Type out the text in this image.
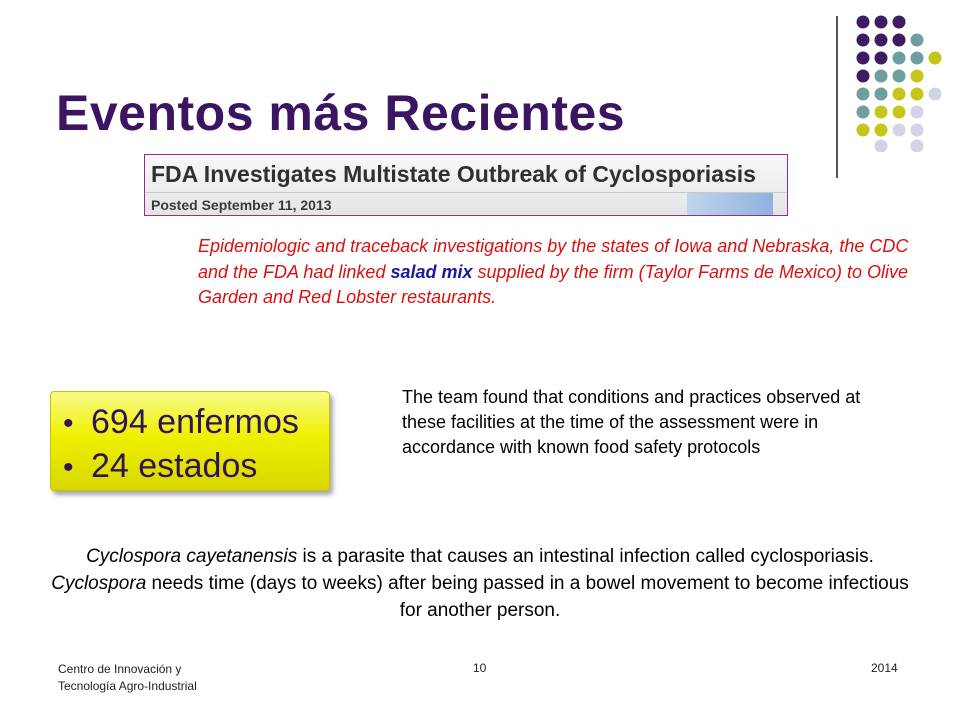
Eventos más Recientes
FDA Investigates Multistate Outbreak of Cyclosporiasis
Posted September 11, 2013
Epidemiologic and traceback investigations by the states of Iowa and Nebraska, the CDC and the FDA had linked salad mix supplied by the firm (Taylor Farms de Mexico) to Olive Garden and Red Lobster restaurants.
The team found that conditions and practices observed at these facilities at the time of the assessment were in accordance with known food safety protocols
• 694 enfermos
• 24 estados
Cyclospora cayetanensis is a parasite that causes an intestinal infection called cyclosporiasis. Cyclospora needs time (days to weeks) after being passed in a bowel movement to become infectious for another person.
Centro de Innovación y
Tecnología Agro-Industrial
10	2014
